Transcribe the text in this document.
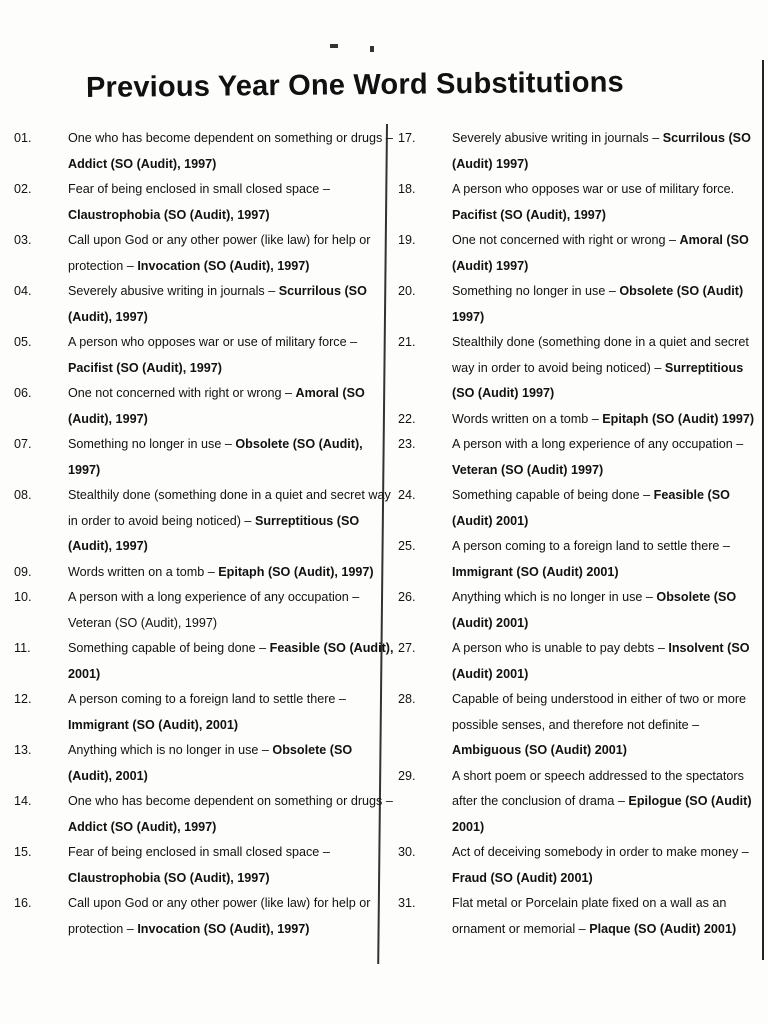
Previous Year One Word Substitutions
01.	One who has become dependent on something or drugs – Addict (SO (Audit), 1997)
02.	Fear of being enclosed in small closed space – Claustrophobia (SO (Audit), 1997)
03.	Call upon God or any other power (like law) for help or protection – Invocation (SO (Audit), 1997)
04.	Severely abusive writing in journals – Scurrilous (SO (Audit), 1997)
05.	A person who opposes war or use of military force – Pacifist (SO (Audit), 1997)
06.	One not concerned with right or wrong – Amoral (SO (Audit), 1997)
07.	Something no longer in use – Obsolete (SO (Audit), 1997)
08.	Stealthily done (something done in a quiet and secret way in order to avoid being noticed) – Surreptitious (SO (Audit), 1997)
09.	Words written on a tomb – Epitaph (SO (Audit), 1997)
10.	A person with a long experience of any occupation – Veteran (SO (Audit), 1997)
11.	Something capable of being done – Feasible (SO (Audit), 2001)
12.	A person coming to a foreign land to settle there – Immigrant (SO (Audit), 2001)
13.	Anything which is no longer in use – Obsolete (SO (Audit), 2001)
14.	One who has become dependent on something or drugs – Addict (SO (Audit), 1997)
15.	Fear of being enclosed in small closed space – Claustrophobia (SO (Audit), 1997)
16.	Call upon God or any other power (like law) for help or protection – Invocation (SO (Audit), 1997)
17.	Severely abusive writing in journals – Scurrilous (SO (Audit) 1997)
18.	A person who opposes war or use of military force. Pacifist (SO (Audit), 1997)
19.	One not concerned with right or wrong – Amoral (SO (Audit) 1997)
20.	Something no longer in use – Obsolete (SO (Audit) 1997)
21.	Stealthily done (something done in a quiet and secret way in order to avoid being noticed) – Surreptitious (SO (Audit) 1997)
22.	Words written on a tomb – Epitaph (SO (Audit) 1997)
23.	A person with a long experience of any occupation – Veteran (SO (Audit) 1997)
24.	Something capable of being done – Feasible (SO (Audit) 2001)
25.	A person coming to a foreign land to settle there – Immigrant (SO (Audit) 2001)
26.	Anything which is no longer in use – Obsolete (SO (Audit) 2001)
27.	A person who is unable to pay debts – Insolvent (SO (Audit) 2001)
28.	Capable of being understood in either of two or more possible senses, and therefore not definite – Ambiguous (SO (Audit) 2001)
29.	A short poem or speech addressed to the spectators after the conclusion of drama – Epilogue (SO (Audit) 2001)
30.	Act of deceiving somebody in order to make money – Fraud (SO (Audit) 2001)
31.	Flat metal or Porcelain plate fixed on a wall as an ornament or memorial – Plaque (SO (Audit) 2001)
